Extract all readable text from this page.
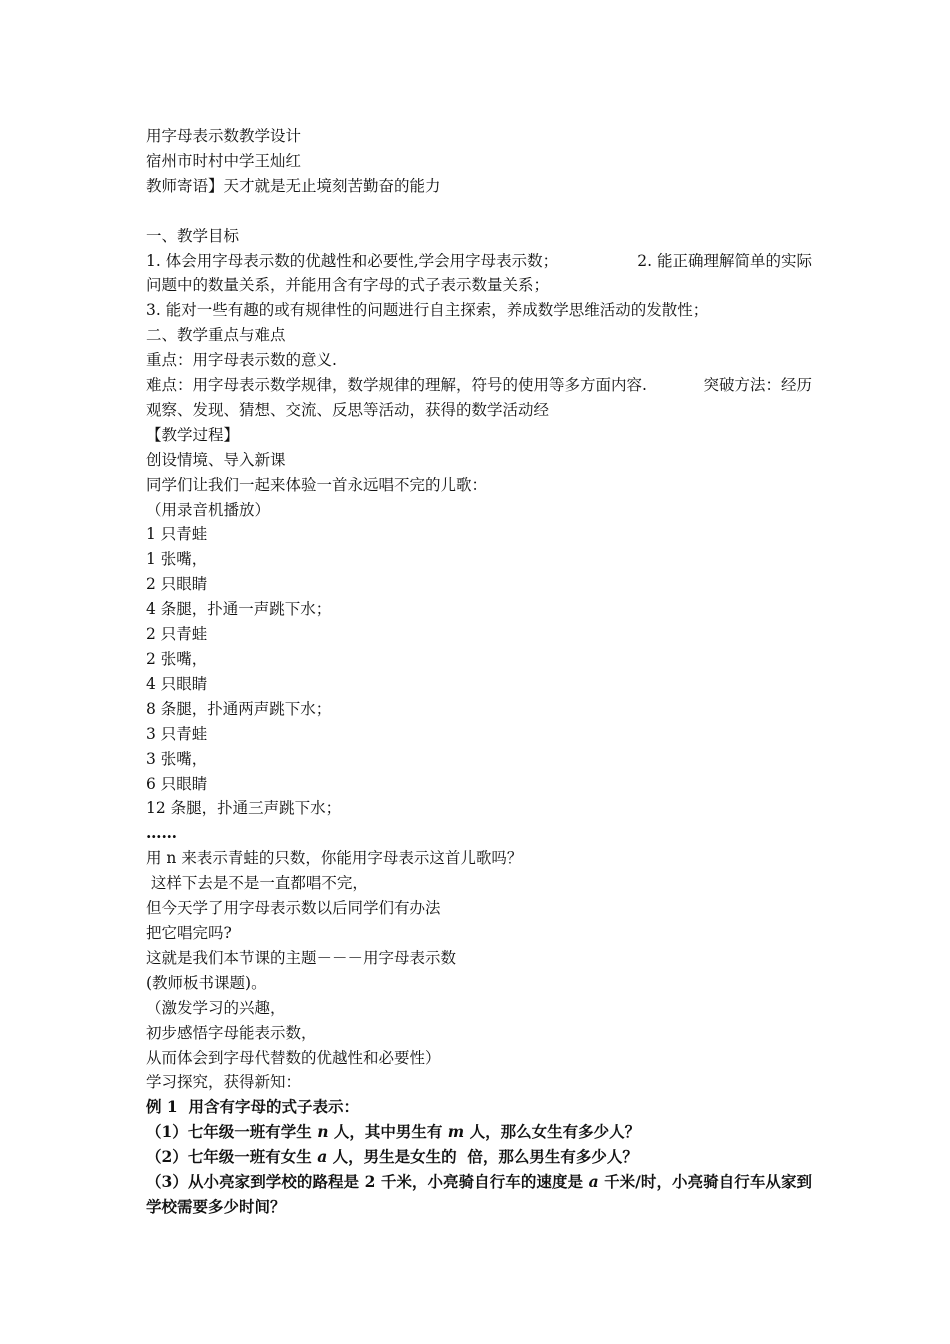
用字母表示数教学设计
宿州市时村中学王灿红
教师寄语】天才就是无止境刻苦勤奋的能力
一、教学目标
1. 体会用字母表示数的优越性和必要性,学会用字母表示数；	2. 能正确理解简单的实际
问题中的数量关系，并能用含有字母的式子表示数量关系；
3. 能对一些有趣的或有规律性的问题进行自主探索，养成数学思维活动的发散性；
二、教学重点与难点
重点：用字母表示数的意义.
难点：用字母表示数学规律，数学规律的理解，符号的使用等多方面内容.	突破方法：经历
观察、发现、猜想、交流、反思等活动，获得的数学活动经
【教学过程】
创设情境、导入新课
同学们让我们一起来体验一首永远唱不完的儿歌：
（用录音机播放）
1 只青蛙
1 张嘴，
2 只眼睛
4 条腿，扑通一声跳下水；
2 只青蛙
2 张嘴，
4 只眼睛
8 条腿，扑通两声跳下水；
3 只青蛙
3 张嘴，
6 只眼睛
12 条腿，扑通三声跳下水；
……
用 n 来表示青蛙的只数，你能用字母表示这首儿歌吗？
这样下去是不是一直都唱不完，
但今天学了用字母表示数以后同学们有办法
把它唱完吗?
这就是我们本节课的主题－－－用字母表示数
(教师板书课题)。
（激发学习的兴趣，
初步感悟字母能表示数，
从而体会到字母代替数的优越性和必要性）
学习探究，获得新知：
例 1  用含有字母的式子表示：
（1）七年级一班有学生 n 人，其中男生有 m 人，那么女生有多少人？
（2）七年级一班有女生 a 人，男生是女生的  倍，那么男生有多少人？
（3）从小亮家到学校的路程是 2 千米，小亮骑自行车的速度是 a 千米/时，小亮骑自行车从家到学校需要多少时间？
